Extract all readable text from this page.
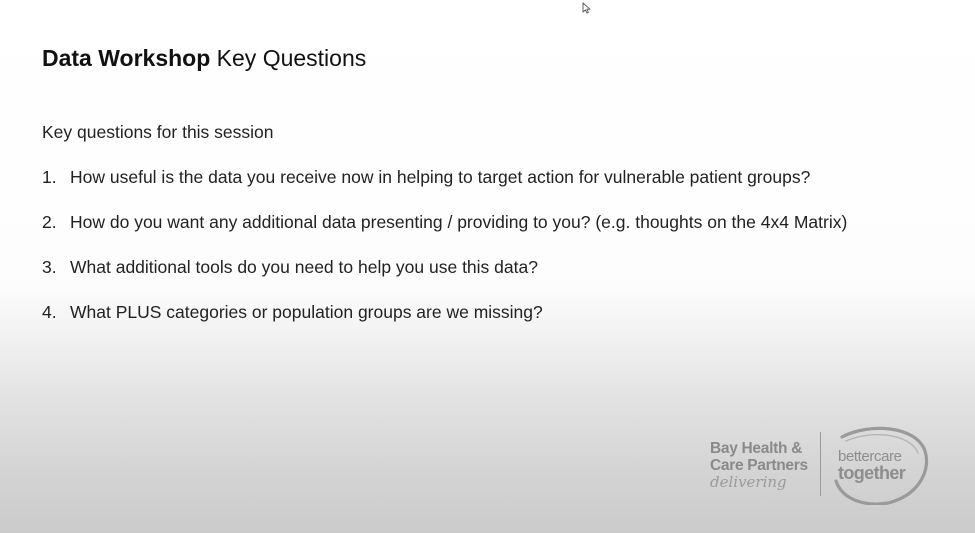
Data Workshop Key Questions
Key questions for this session
1. How useful is the data you receive now in helping to target action for vulnerable patient groups?
2. How do you want any additional data presenting / providing to you? (e.g. thoughts on the 4x4 Matrix)
3. What additional tools do you need to help you use this data?
4. What PLUS categories or population groups are we missing?
Bay Health &
Care Partners
delivering
bettercare
together
